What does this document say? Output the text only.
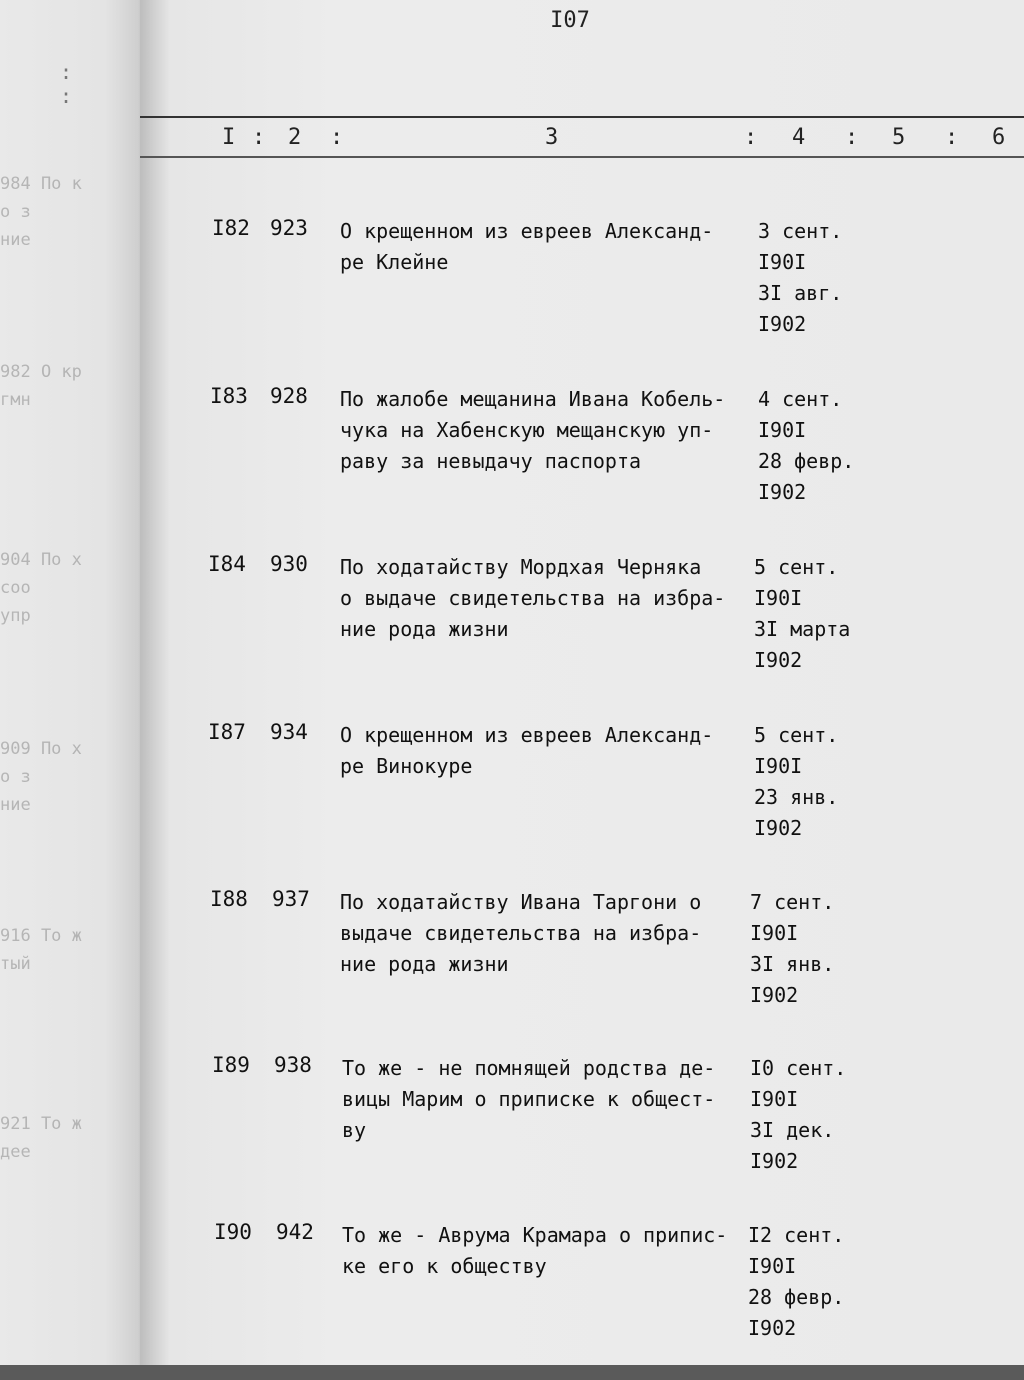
: :
984 По к
о з
ние
982 О кр
гмн
904 По х
соо
упр
909 По х
о з
ние
916 То ж
тый
921 То ж
дее
I07
I : 2 :	3	: 4 : 5 : 6
I82 923 О крещенном из евреев Александ-
ре Клейне
3 сент.
I90I
3I авг.
I902
I83 928 По жалобе мещанина Ивана Кобель-
чука на Хабенскую мещанскую уп-
раву за невыдачу паспорта
4 сент.
I90I
28 февр.
I902
I84 930 По ходатайству Мордхая Черняка
о выдаче свидетельства на избра-
ние рода жизни
5 сент.
I90I
3I марта
I902
I87 934 О крещенном из евреев Александ-
ре Винокуре
5 сент.
I90I
23 янв.
I902
I88 937 По ходатайству Ивана Таргони о
выдаче свидетельства на избра-
ние рода жизни
7 сент.
I90I
3I янв.
I902
I89 938 То же - не помнящей родства де-
вицы Марим о приписке к общест-
ву
I0 сент.
I90I
3I дек.
I902
I90 942 То же - Аврума Крамара о припис-
ке его к обществу
I2 сент.
I90I
28 февр.
I902
